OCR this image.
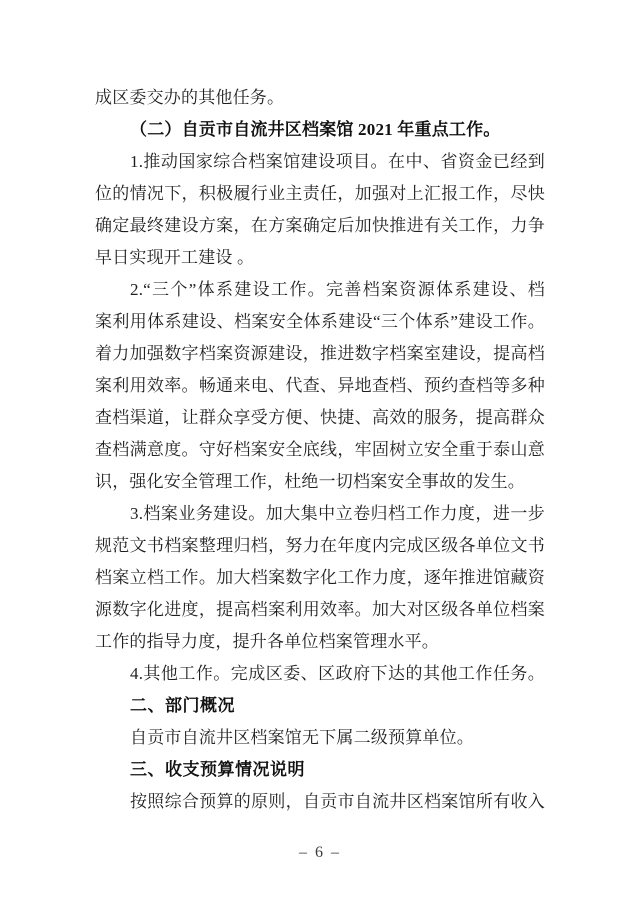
成区委交办的其他任务。
（二）自贡市自流井区档案馆 2021 年重点工作。
1.推动国家综合档案馆建设项目。在中、省资金已经到
位的情况下，积极履行业主责任，加强对上汇报工作，尽快
确定最终建设方案，在方案确定后加快推进有关工作，力争
早日实现开工建设 。
2.“三个”体系建设工作。完善档案资源体系建设、档
案利用体系建设、档案安全体系建设“三个体系”建设工作。
着力加强数字档案资源建设，推进数字档案室建设，提高档
案利用效率。畅通来电、代查、异地查档、预约查档等多种
查档渠道，让群众享受方便、快捷、高效的服务，提高群众
查档满意度。守好档案安全底线，牢固树立安全重于泰山意
识，强化安全管理工作，杜绝一切档案安全事故的发生。
3.档案业务建设。加大集中立卷归档工作力度，进一步
规范文书档案整理归档，努力在年度内完成区级各单位文书
档案立档工作。加大档案数字化工作力度，逐年推进馆藏资
源数字化进度，提高档案利用效率。加大对区级各单位档案
工作的指导力度，提升各单位档案管理水平。
4.其他工作。完成区委、区政府下达的其他工作任务。
二、部门概况
自贡市自流井区档案馆无下属二级预算单位。
三、收支预算情况说明
按照综合预算的原则，自贡市自流井区档案馆所有收入
– 6 –
